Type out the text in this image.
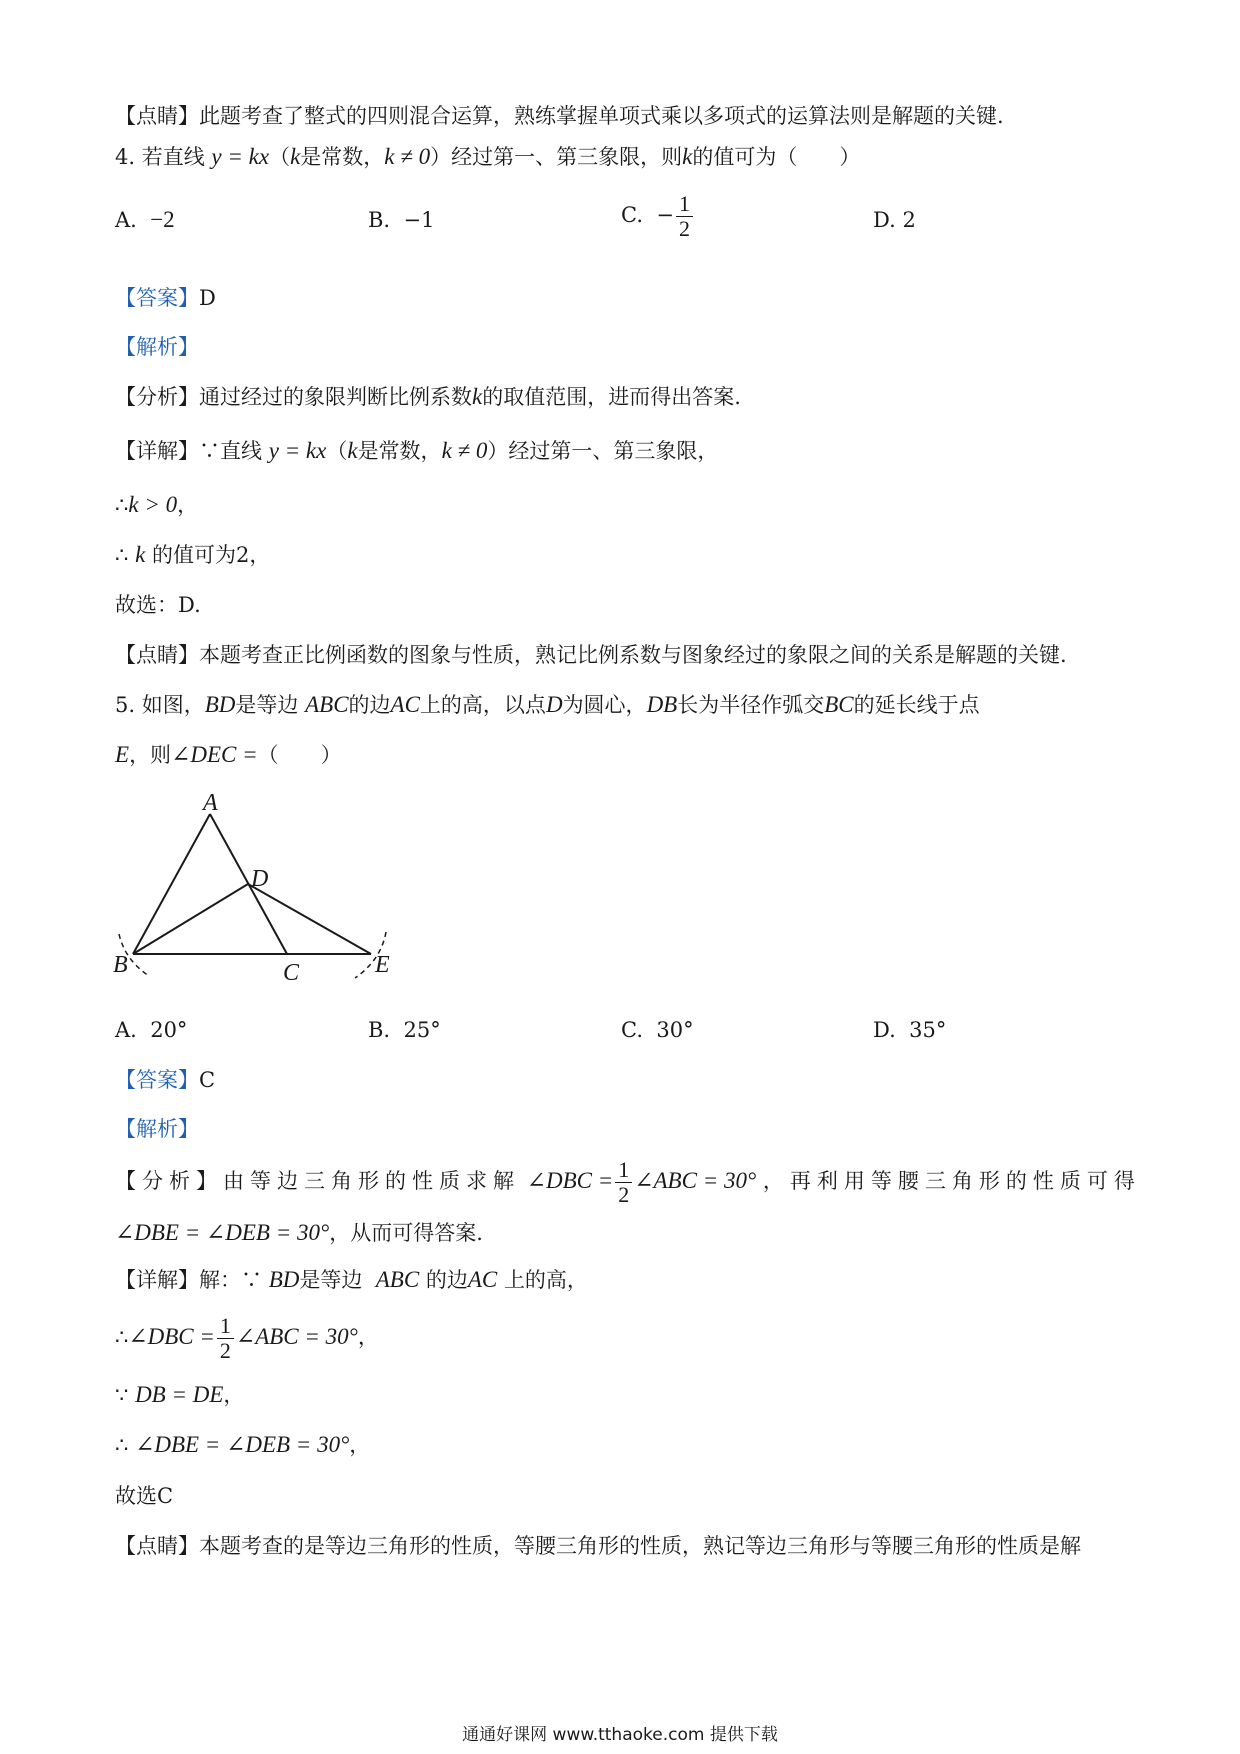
【点睛】此题考查了整式的四则混合运算，熟练掌握单项式乘以多项式的运算法则是解题的关键.
4. 若直线 y = kx（k是常数，k ≠ 0）经过第一、第三象限，则k的值可为（　　）
A. −2	B. −1	C. − $\frac{1}{2}$	D. 2
【答案】D
【解析】
【分析】通过经过的象限判断比例系数k的取值范围，进而得出答案.
【详解】∵直线 y = kx（k是常数，k ≠ 0）经过第一、第三象限，
∴k > 0，
∴ k 的值可为2，
故选：D.
【点睛】本题考查正比例函数的图象与性质，熟记比例系数与图象经过的象限之间的关系是解题的关键.
5. 如图，BD是等边 ABC的边AC上的高，以点D为圆心，DB长为半径作弧交BC的延长线于点
E，则∠DEC =（　　）
A
D
B	C	E
A. 20°	B. 25°	C. 30°	D. 35°
【答案】C
【解析】
【分析】由等边三角形的性质求解 ∠DBC = $\frac{1}{2}$ ∠ABC = 30° ，再利用等腰三角形的性质可得
∠DBE = ∠DEB = 30°，从而可得答案.
【详解】解：∵ BD是等边 ABC 的边AC 上的高，
∴∠DBC = $\frac{1}{2}$ ∠ABC = 30°，
∵ DB = DE，
∴ ∠DBE = ∠DEB = 30°，
故选C
【点睛】本题考查的是等边三角形的性质，等腰三角形的性质，熟记等边三角形与等腰三角形的性质是解
通通好课网 www.tthaoke.com 提供下载
